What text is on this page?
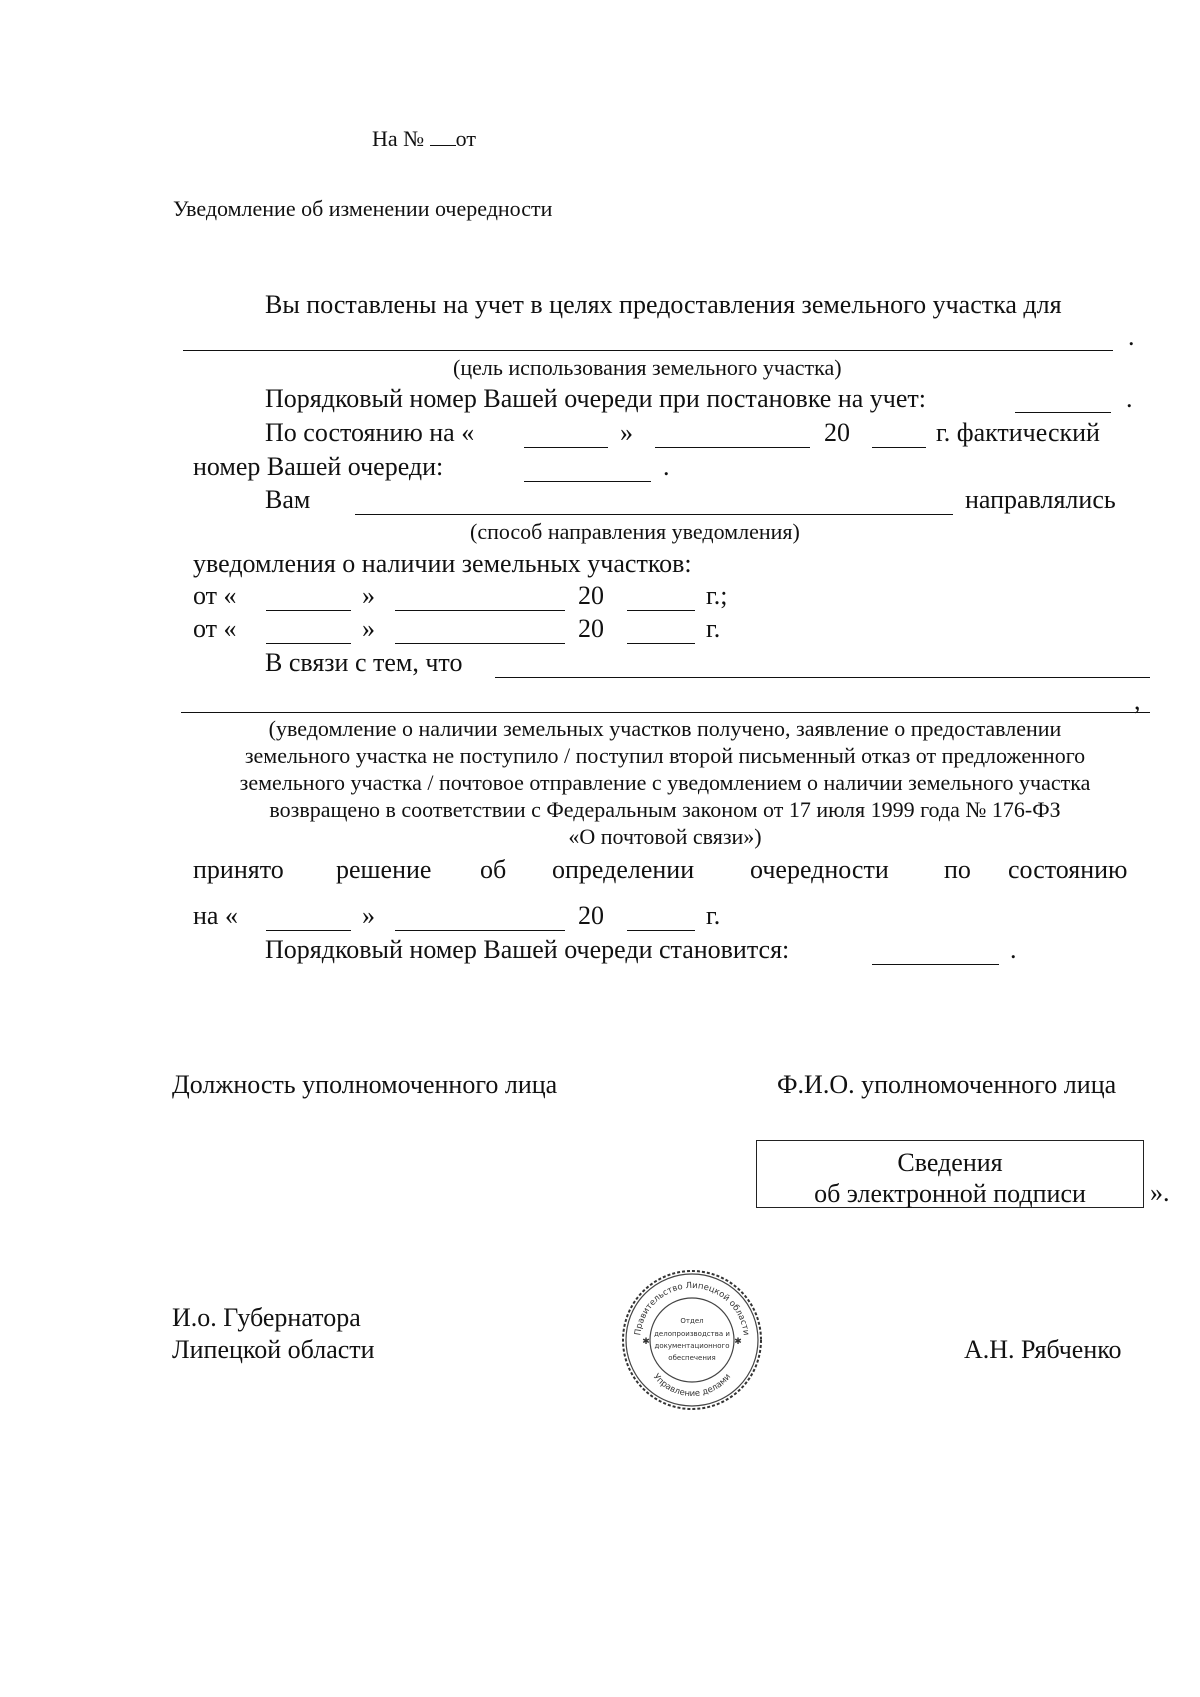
На № от
Уведомление об изменении очередности
Вы поставлены на учет в целях предоставления земельного участка для
.
(цель использования земельного участка)
Порядковый номер Вашей очереди при постановке на учет:	.
По состоянию на «	»	20	г. фактический
номер Вашей очереди:	.
Вам	направлялись
(способ направления уведомления)
уведомления о наличии земельных участков:
от «	»	20	г.;
от «	»	20	г.
В связи с тем, что
,
(уведомление о наличии земельных участков получено, заявление о предоставлении
земельного участка не поступило / поступил второй письменный отказ от предложенного
земельного участка / почтовое отправление с уведомлением о наличии земельного участка
возвращено в соответствии с Федеральным законом от 17 июля 1999 года № 176-ФЗ
«О почтовой связи»)
принято решение об определении очередности по состоянию
на «	»	20	г.
Порядковый номер Вашей очереди становится:	.
Должность уполномоченного лица	Ф.И.О. уполномоченного лица
Сведения
об электронной подписи	».
И.о. Губернатора
Липецкой области	А.Н. Рябченко
Правительство Липецкой области
Управление делами
Отдел
делопроизводства и
документационного
обеспечения
✱	✱
